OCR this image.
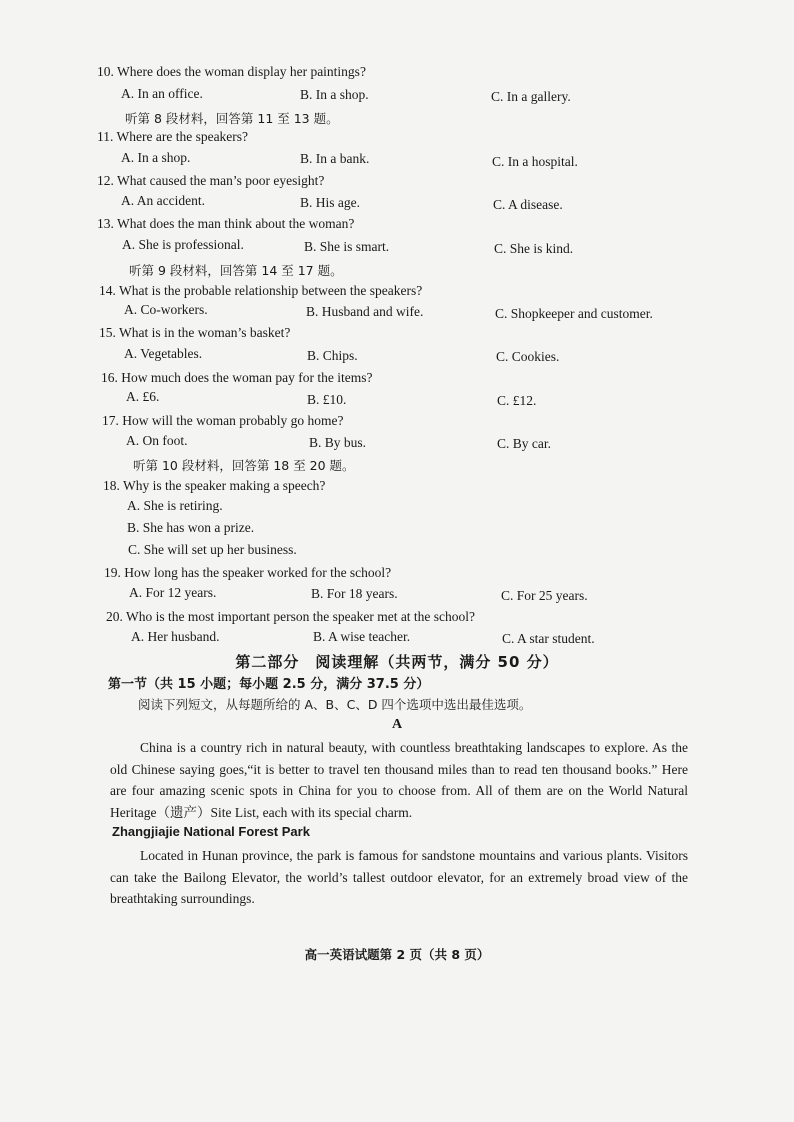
10. Where does the woman display her paintings?
A. In an office.	B. In a shop.	C. In a gallery.
听第 8 段材料，回答第 11 至 13 题。
11. Where are the speakers?
A. In a shop.	B. In a bank.	C. In a hospital.
12. What caused the man’s poor eyesight?
A. An accident.	B. His age.	C. A disease.
13. What does the man think about the woman?
A. She is professional.	B. She is smart.	C. She is kind.
听第 9 段材料，回答第 14 至 17 题。
14. What is the probable relationship between the speakers?
A. Co-workers.	B. Husband and wife.	C. Shopkeeper and customer.
15. What is in the woman’s basket?
A. Vegetables.	B. Chips.	C. Cookies.
16. How much does the woman pay for the items?
A. £6.	B. £10.	C. £12.
17. How will the woman probably go home?
A. On foot.	B. By bus.	C. By car.
听第 10 段材料，回答第 18 至 20 题。
18. Why is the speaker making a speech?
A. She is retiring.
B. She has won a prize.
C. She will set up her business.
19. How long has the speaker worked for the school?
A. For 12 years.	B. For 18 years.	C. For 25 years.
20. Who is the most important person the speaker met at the school?
A. Her husband.	B. A wise teacher.	C. A star student.
第二部分　阅读理解（共两节，满分 50 分）
第一节（共 15 小题；每小题 2.5 分，满分 37.5 分）
阅读下列短文，从每题所给的 A、B、C、D 四个选项中选出最佳选项。
A
China is a country rich in natural beauty, with countless breathtaking landscapes to explore. As the old Chinese saying goes,“it is better to travel ten thousand miles than to read ten thousand books.” Here are four amazing scenic spots in China for you to choose from. All of them are on the World Natural Heritage（遗产）Site List, each with its special charm.
Zhangjiajie National Forest Park
Located in Hunan province, the park is famous for sandstone mountains and various plants. Visitors can take the Bailong Elevator, the world’s tallest outdoor elevator, for an extremely broad view of the breathtaking surroundings.
高一英语试题第 2 页（共 8 页）
